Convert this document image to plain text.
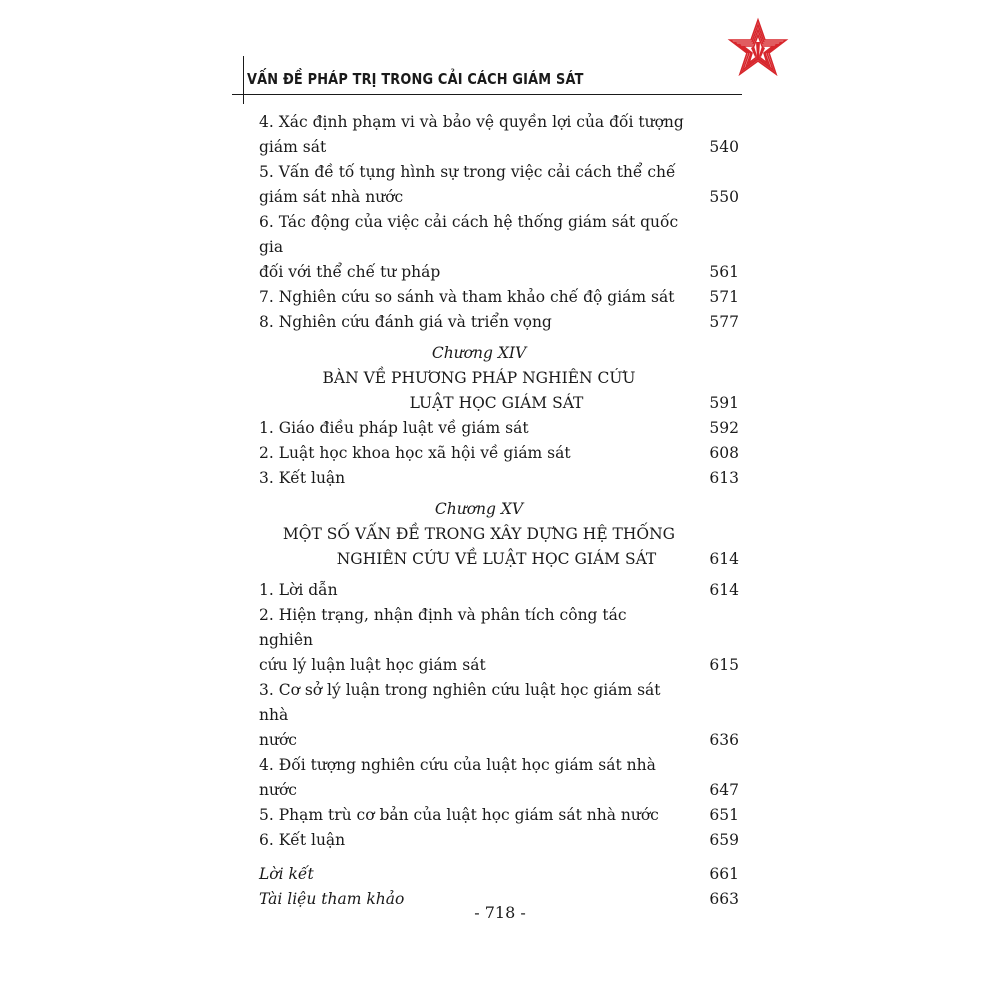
VẤN ĐỀ PHÁP TRỊ TRONG CẢI CÁCH GIÁM SÁT
4. Xác định phạm vi và bảo vệ quyền lợi của đối tượng
giám sát	540
5. Vấn đề tố tụng hình sự trong việc cải cách thể chế
giám sát nhà nước	550
6. Tác động của việc cải cách hệ thống giám sát quốc gia
đối với thể chế tư pháp	561
7. Nghiên cứu so sánh và tham khảo chế độ giám sát	571
8. Nghiên cứu đánh giá và triển vọng	577
Chương XIV
BÀN VỀ PHƯƠNG PHÁP NGHIÊN CỨU
LUẬT HỌC GIÁM SÁT	591
1. Giáo điều pháp luật về giám sát	592
2. Luật học khoa học xã hội về giám sát	608
3. Kết luận	613
Chương XV
MỘT SỐ VẤN ĐỀ TRONG XÂY DỰNG HỆ THỐNG
NGHIÊN CỨU VỀ LUẬT HỌC GIÁM SÁT	614
1. Lời dẫn	614
2. Hiện trạng, nhận định và phân tích công tác nghiên
cứu lý luận luật học giám sát	615
3. Cơ sở lý luận trong nghiên cứu luật học giám sát nhà
nước	636
4. Đối tượng nghiên cứu của luật học giám sát nhà nước	647
5. Phạm trù cơ bản của luật học giám sát nhà nước	651
6. Kết luận	659
Lời kết	661
Tài liệu tham khảo	663
- 718 -
